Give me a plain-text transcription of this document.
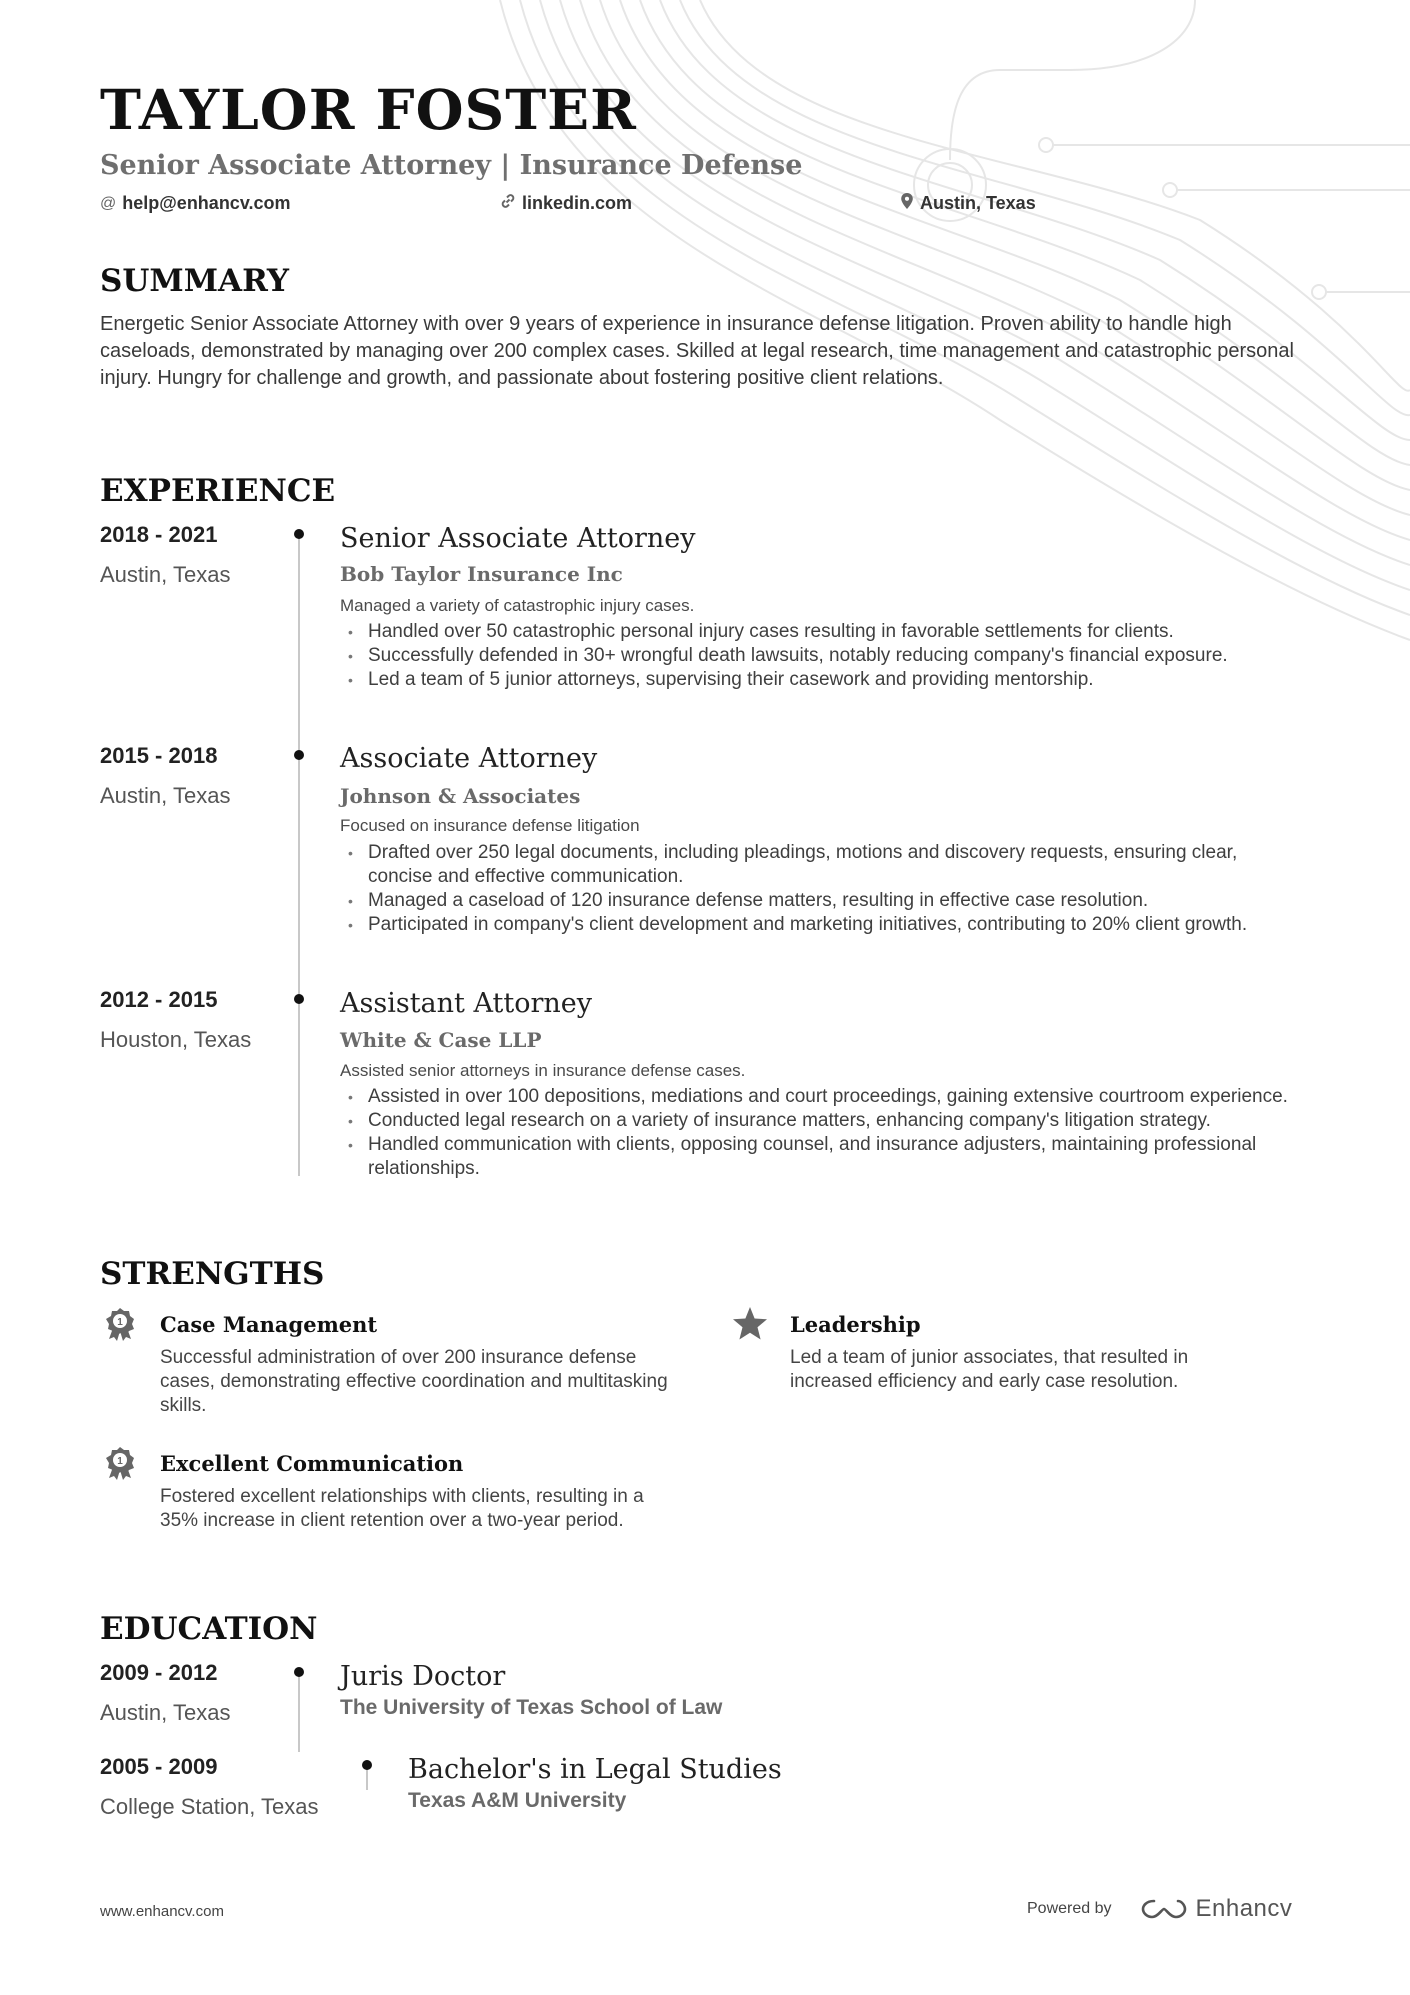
TAYLOR FOSTER
Senior Associate Attorney | Insurance Defense
@ help@enhancv.com	linkedin.com	Austin, Texas
SUMMARY

Energetic Senior Associate Attorney with over 9 years of experience in insurance defense litigation. Proven ability to handle high caseloads, demonstrated by managing over 200 complex cases. Skilled at legal research, time management and catastrophic personal injury. Hungry for challenge and growth, and passionate about fostering positive client relations.

EXPERIENCE
2018 - 2021
Austin, Texas
Senior Associate Attorney
Bob Taylor Insurance Inc
Managed a variety of catastrophic injury cases.
• Handled over 50 catastrophic personal injury cases resulting in favorable settlements for clients.
• Successfully defended in 30+ wrongful death lawsuits, notably reducing company's financial exposure.
• Led a team of 5 junior attorneys, supervising their casework and providing mentorship.
2015 - 2018
Austin, Texas
Associate Attorney
Johnson & Associates
Focused on insurance defense litigation
• Drafted over 250 legal documents, including pleadings, motions and discovery requests, ensuring clear, concise and effective communication.
• Managed a caseload of 120 insurance defense matters, resulting in effective case resolution.
• Participated in company's client development and marketing initiatives, contributing to 20% client growth.
2012 - 2015
Houston, Texas
Assistant Attorney
White & Case LLP
Assisted senior attorneys in insurance defense cases.
• Assisted in over 100 depositions, mediations and court proceedings, gaining extensive courtroom experience.
• Conducted legal research on a variety of insurance matters, enhancing company's litigation strategy.
• Handled communication with clients, opposing counsel, and insurance adjusters, maintaining professional relationships.
STRENGTHS
1 Case Management

Successful administration of over 200 insurance defense cases, demonstrating effective coordination and multitasking skills.

Leadership

Led a team of junior associates, that resulted in increased efficiency and early case resolution.

1 Excellent Communication

Fostered excellent relationships with clients, resulting in a 35% increase in client retention over a two-year period.

EDUCATION
2009 - 2012
Austin, Texas
Juris Doctor
The University of Texas School of Law
2005 - 2009
College Station, Texas
Bachelor's in Legal Studies
Texas A&M University
www.enhancv.com	Powered by	Enhancv
